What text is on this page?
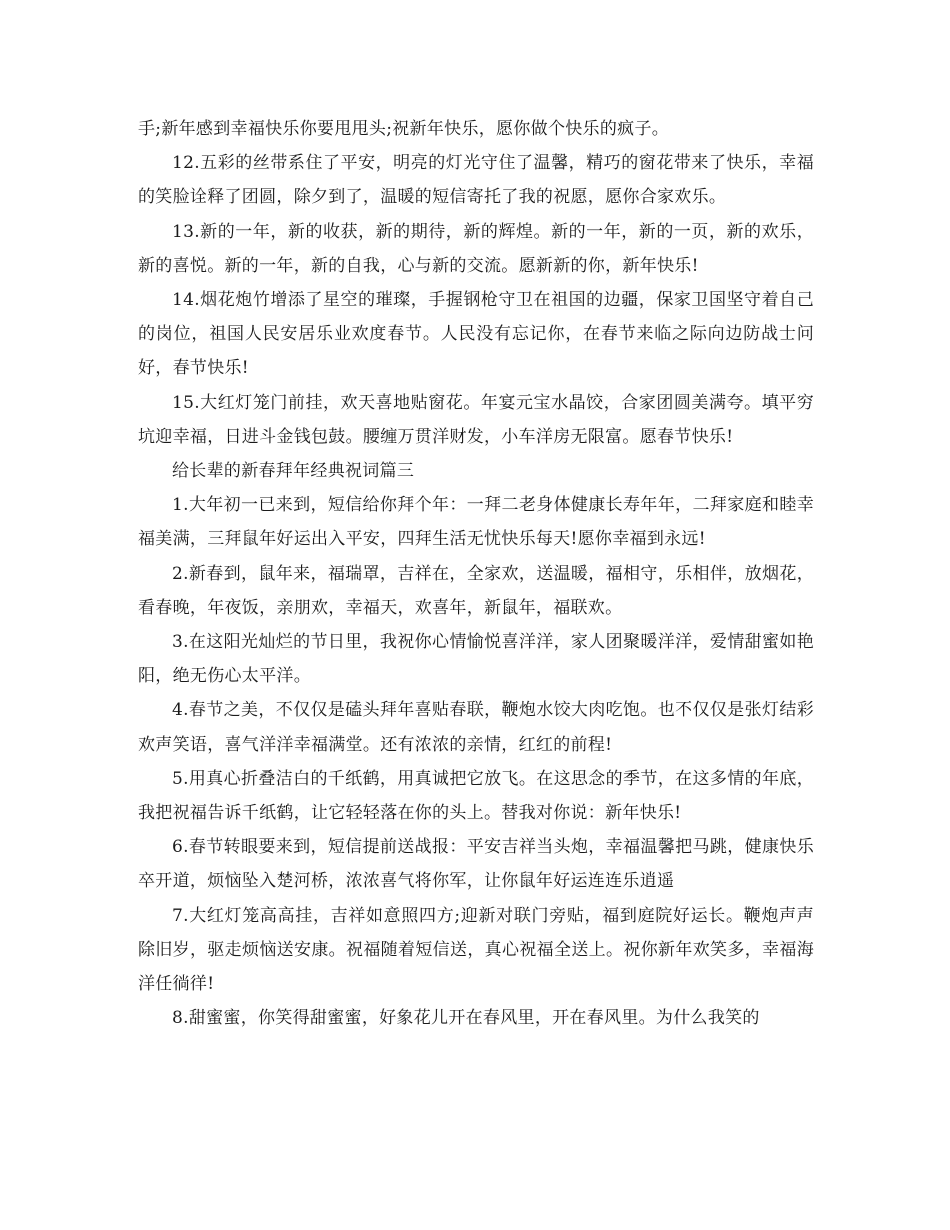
手;新年感到幸福快乐你要甩甩头;祝新年快乐，愿你做个快乐的疯子。

12.五彩的丝带系住了平安，明亮的灯光守住了温馨，精巧的窗花带来了快乐，幸福的笑脸诠释了团圆，除夕到了，温暖的短信寄托了我的祝愿，愿你合家欢乐。

13.新的一年，新的收获，新的期待，新的辉煌。新的一年，新的一页，新的欢乐，新的喜悦。新的一年，新的自我，心与新的交流。愿新新的你，新年快乐!

14.烟花炮竹增添了星空的璀璨，手握钢枪守卫在祖国的边疆，保家卫国坚守着自己的岗位，祖国人民安居乐业欢度春节。人民没有忘记你，在春节来临之际向边防战士问好，春节快乐!

15.大红灯笼门前挂，欢天喜地贴窗花。年宴元宝水晶饺，合家团圆美满夸。填平穷坑迎幸福，日进斗金钱包鼓。腰缠万贯洋财发，小车洋房无限富。愿春节快乐!

给长辈的新春拜年经典祝词篇三

1.大年初一已来到，短信给你拜个年：一拜二老身体健康长寿年年，二拜家庭和睦幸福美满，三拜鼠年好运出入平安，四拜生活无忧快乐每天!愿你幸福到永远!

2.新春到，鼠年来，福瑞罩，吉祥在，全家欢，送温暖，福相守，乐相伴，放烟花，看春晚，年夜饭，亲朋欢，幸福天，欢喜年，新鼠年，福联欢。

3.在这阳光灿烂的节日里，我祝你心情愉悦喜洋洋，家人团聚暖洋洋，爱情甜蜜如艳阳，绝无伤心太平洋。

4.春节之美，不仅仅是磕头拜年喜贴春联，鞭炮水饺大肉吃饱。也不仅仅是张灯结彩欢声笑语，喜气洋洋幸福满堂。还有浓浓的亲情，红红的前程!

5.用真心折叠洁白的千纸鹤，用真诚把它放飞。在这思念的季节，在这多情的年底，我把祝福告诉千纸鹤，让它轻轻落在你的头上。替我对你说：新年快乐!

6.春节转眼要来到，短信提前送战报：平安吉祥当头炮，幸福温馨把马跳，健康快乐卒开道，烦恼坠入楚河桥，浓浓喜气将你军，让你鼠年好运连连乐逍遥

7.大红灯笼高高挂，吉祥如意照四方;迎新对联门旁贴，福到庭院好运长。鞭炮声声除旧岁，驱走烦恼送安康。祝福随着短信送，真心祝福全送上。祝你新年欢笑多，幸福海洋任徜徉!

8.甜蜜蜜，你笑得甜蜜蜜，好象花儿开在春风里，开在春风里。为什么我笑的
